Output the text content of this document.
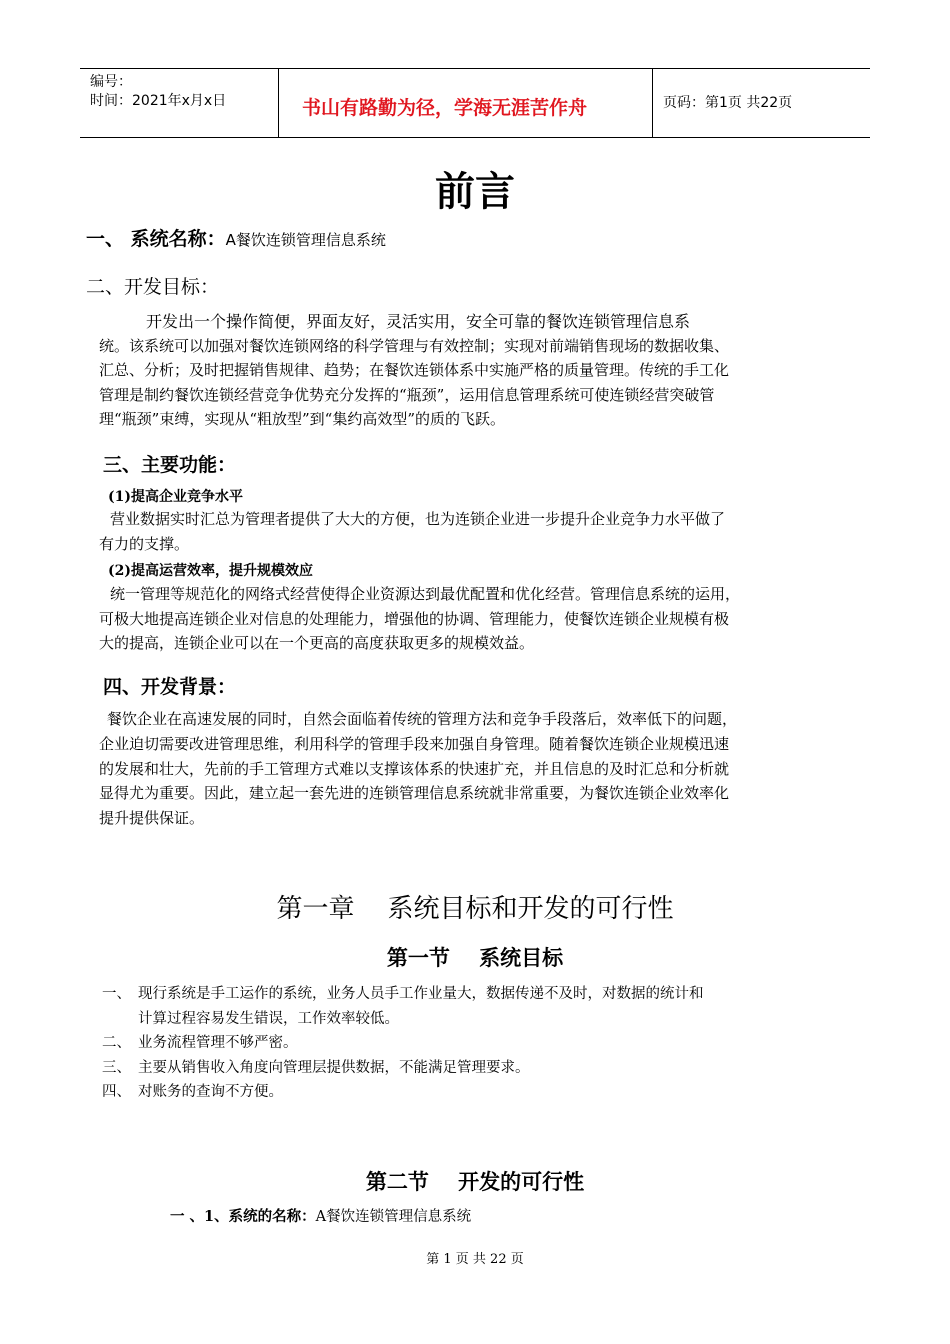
编号：
时间：2021年x月x日	书山有路勤为径，学海无涯苦作舟	页码：第1页 共22页
前言
一、 系统名称：A餐饮连锁管理信息系统
二、开发目标：
开发出一个操作简便，界面友好，灵活实用，安全可靠的餐饮连锁管理信息系
统。该系统可以加强对餐饮连锁网络的科学管理与有效控制；实现对前端销售现场的数据收集、
汇总、分析；及时把握销售规律、趋势；在餐饮连锁体系中实施严格的质量管理。传统的手工化
管理是制约餐饮连锁经营竞争优势充分发挥的“瓶颈”，运用信息管理系统可使连锁经营突破管
理“瓶颈”束缚，实现从“粗放型”到“集约高效型”的质的飞跃。
三、主要功能：
(1)提高企业竞争水平
营业数据实时汇总为管理者提供了大大的方便，也为连锁企业进一步提升企业竞争力水平做了
有力的支撑。
(2)提高运营效率，提升规模效应
统一管理等规范化的网络式经营使得企业资源达到最优配置和优化经营。管理信息系统的运用，
可极大地提高连锁企业对信息的处理能力，增强他的协调、管理能力，使餐饮连锁企业规模有极
大的提高，连锁企业可以在一个更高的高度获取更多的规模效益。
四、开发背景：
餐饮企业在高速发展的同时，自然会面临着传统的管理方法和竞争手段落后，效率低下的问题，
企业迫切需要改进管理思维，利用科学的管理手段来加强自身管理。随着餐饮连锁企业规模迅速
的发展和壮大，先前的手工管理方式难以支撑该体系的快速扩充，并且信息的及时汇总和分析就
显得尤为重要。因此，建立起一套先进的连锁管理信息系统就非常重要，为餐饮连锁企业效率化
提升提供保证。
第一章    系统目标和开发的可行性
第一节    系统目标
一、 现行系统是手工运作的系统，业务人员手工作业量大，数据传递不及时，对数据的统计和
计算过程容易发生错误，工作效率较低。
二、 业务流程管理不够严密。
三、 主要从销售收入角度向管理层提供数据，不能满足管理要求。
四、 对账务的查询不方便。
第二节    开发的可行性
一 、1、系统的名称：A餐饮连锁管理信息系统
第 1 页 共 22 页
